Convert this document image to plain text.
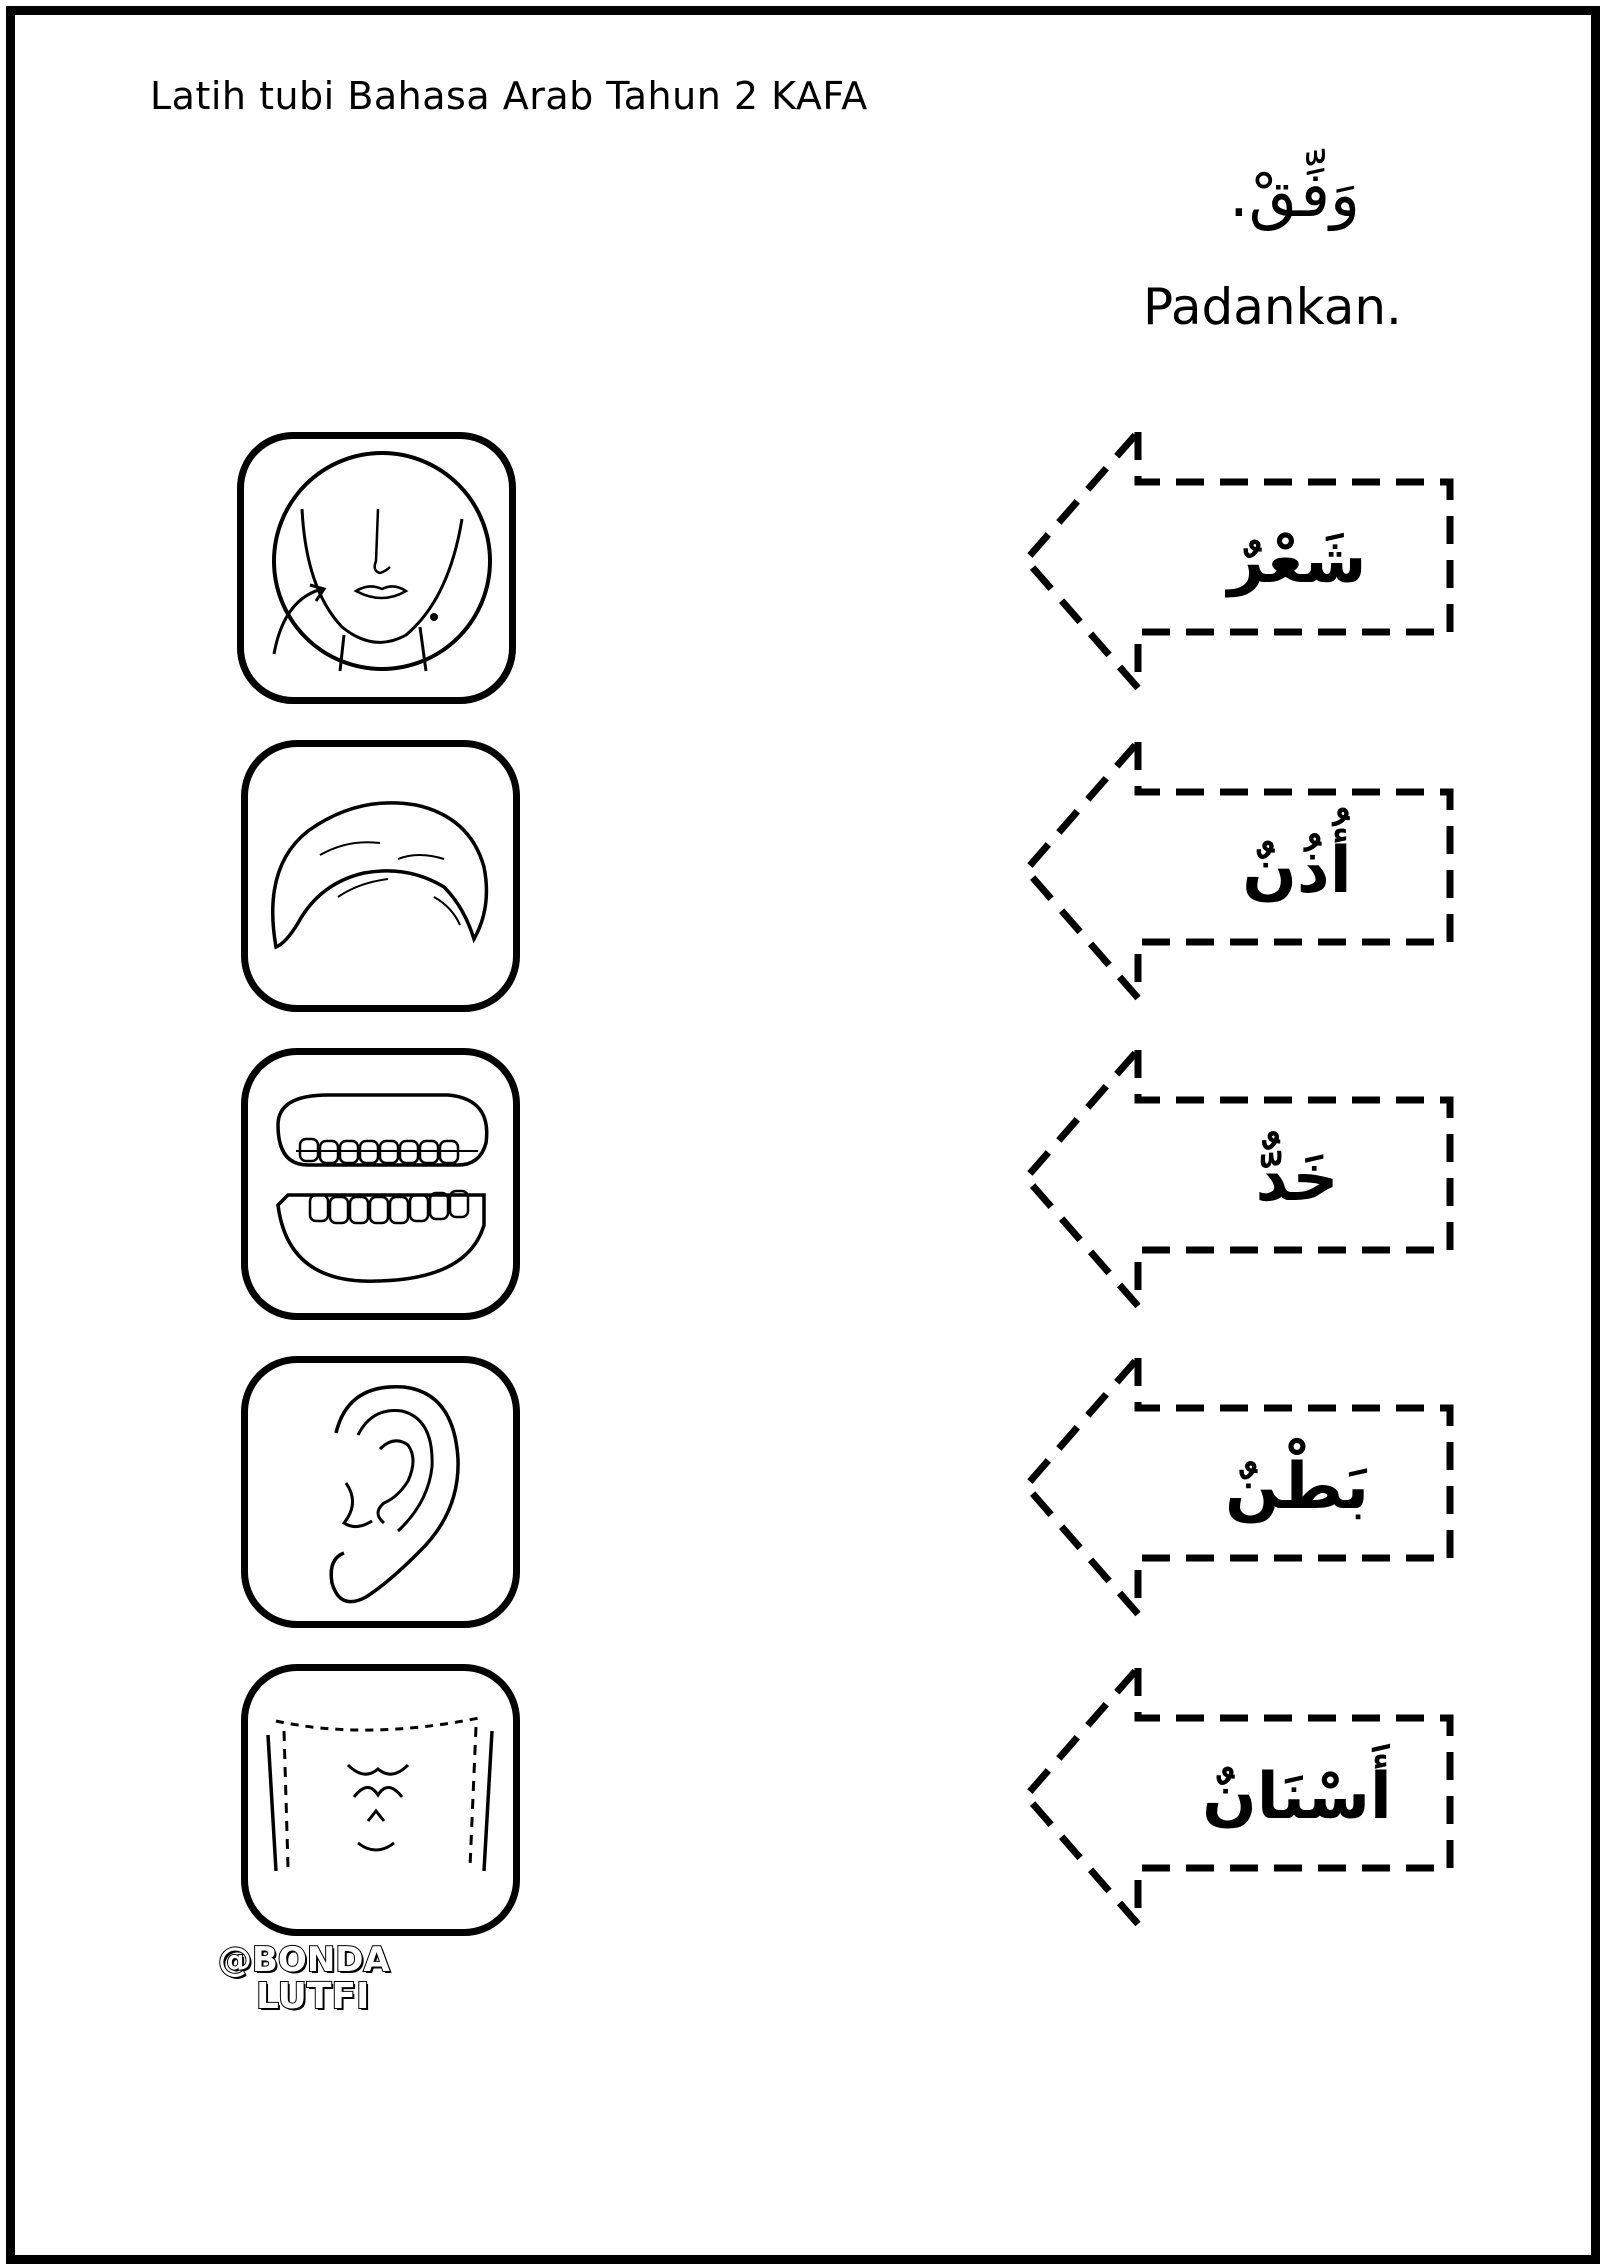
Latih tubi Bahasa Arab Tahun 2 KAFA
وَفِّقْ.
Padankan.
شَعْرٌ
أُذُنٌ
خَدٌّ
بَطْنٌ
أَسْنَانٌ
@BONDA
LUTFI
